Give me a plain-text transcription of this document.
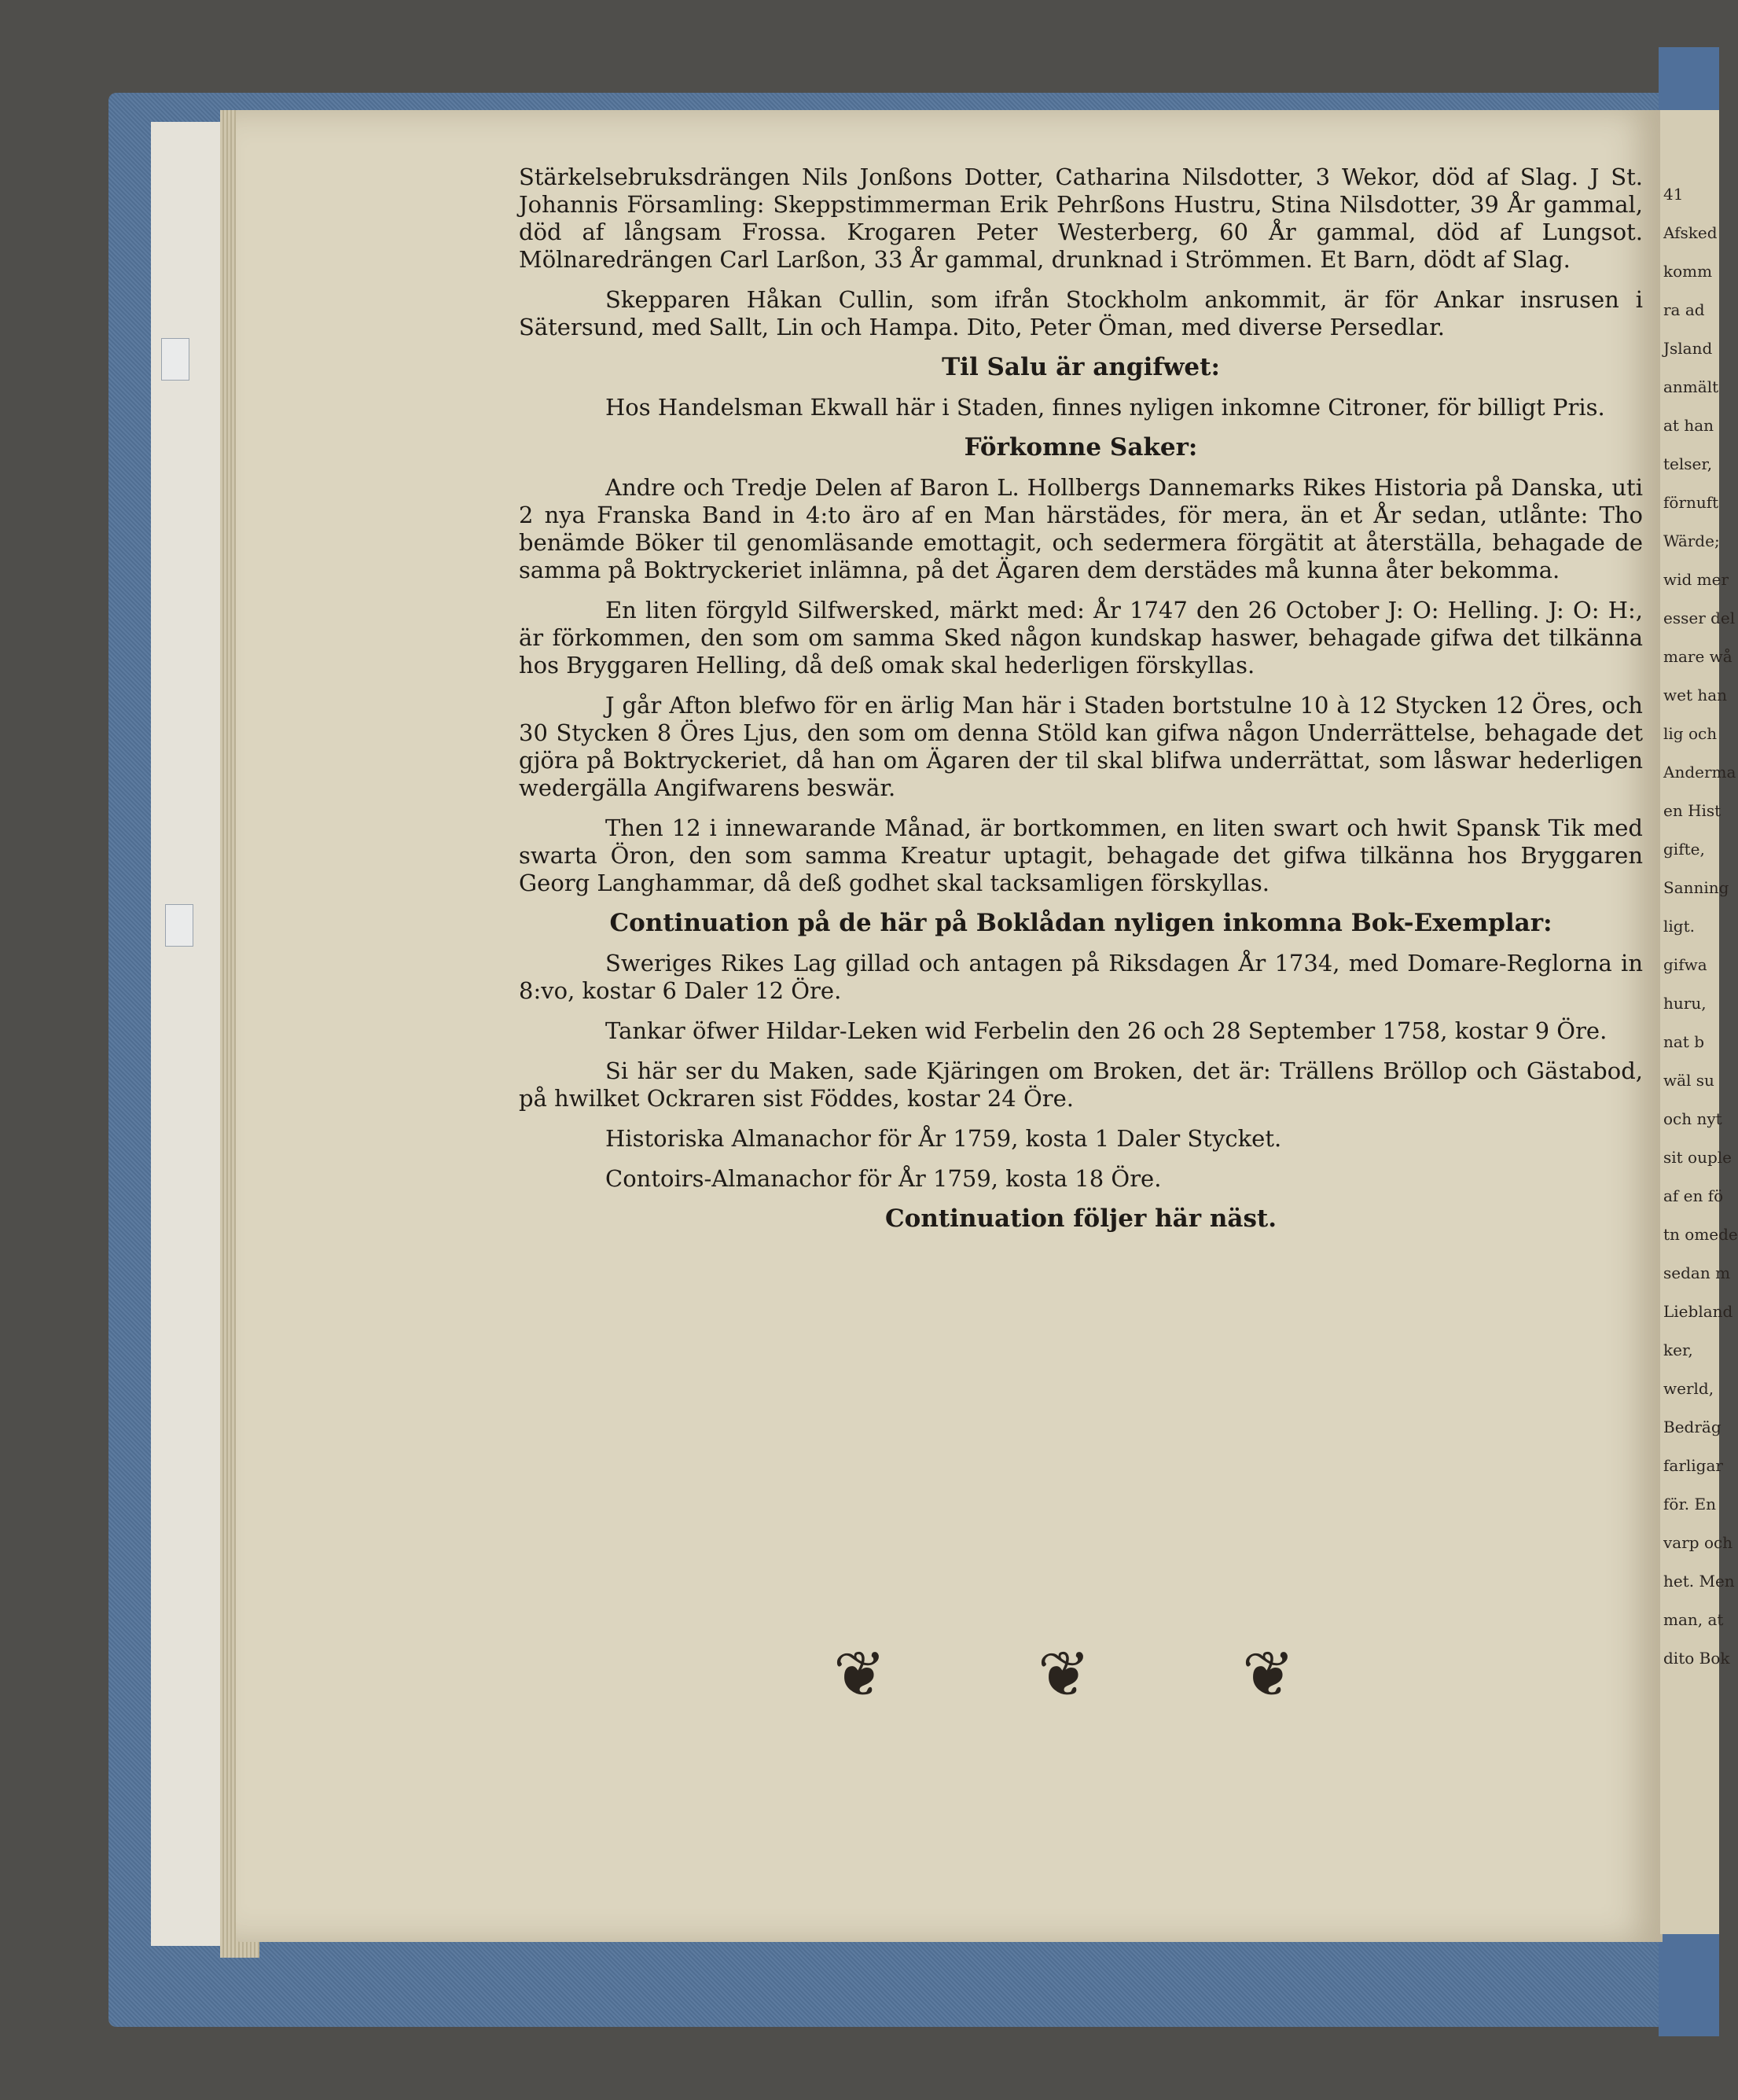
41
Afsked
komm
ra ad
Jsland
anmält
at han
telser,
förnuft
Wärde;
wid mer
esser del
mare wå
wet han
lig och
Anderma
en Hist
gifte,
Sanning
ligt.
gifwa
huru,
nat b
wäl su
och nyt
sit ouple
af en fö
tn omede
sedan m
Liebland
ker,
werld,
Bedräg
farligar
för. En
varp och
het. Men
man, at
dito Bok

Stärkelsebruksdrängen Nils Jonßons Dotter, Catharina Nilsdotter, 3 Wekor, död af Slag. J St. Johannis Församling: Skeppstimmerman Erik Pehrßons Hustru, Stina Nilsdotter, 39 År gammal, död af långsam Frossa. Krogaren Peter Westerberg, 60 År gammal, död af Lungsot. Mölnaredrängen Carl Larßon, 33 År gammal, drunknad i Strömmen. Et Barn, dödt af Slag.

Skepparen Håkan Cullin, som ifrån Stockholm ankommit, är för Ankar insrusen i Sätersund, med Sallt, Lin och Hampa. Dito, Peter Öman, med diverse Persedlar.

Til Salu är angifwet:

Hos Handelsman Ekwall här i Staden, finnes nyligen inkomne Citroner, för billigt Pris.

Förkomne Saker:

Andre och Tredje Delen af Baron L. Hollbergs Dannemarks Rikes Historia på Danska, uti 2 nya Franska Band in 4:to äro af en Man härstädes, för mera, än et År sedan, utlånte: Tho benämde Böker til genomläsande emottagit, och sedermera förgätit at återställa, behagade de samma på Boktryckeriet inlämna, på det Ägaren dem derstädes må kunna åter bekomma.

En liten förgyld Silfwersked, märkt med: År 1747 den 26 October J: O: Helling. J: O: H:, är förkommen, den som om samma Sked någon kundskap haswer, behagade gifwa det tilkänna hos Bryggaren Helling, då deß omak skal hederligen förskyllas.

J går Afton blefwo för en ärlig Man här i Staden bortstulne 10 à 12 Stycken 12 Öres, och 30 Stycken 8 Öres Ljus, den som om denna Stöld kan gifwa någon Underrättelse, behagade det gjöra på Boktryckeriet, då han om Ägaren der til skal blifwa underrättat, som låswar hederligen wedergälla Angifwarens beswär.

Then 12 i innewarande Månad, är bortkommen, en liten swart och hwit Spansk Tik med swarta Öron, den som samma Kreatur uptagit, behagade det gifwa tilkänna hos Bryggaren Georg Langhammar, då deß godhet skal tacksamligen förskyllas.

Continuation på de här på Boklådan nyligen inkomna Bok-Exemplar:

Sweriges Rikes Lag gillad och antagen på Riksdagen År 1734, med Domare-Reglorna in 8:vo, kostar 6 Daler 12 Öre.

Tankar öfwer Hildar-Leken wid Ferbelin den 26 och 28 September 1758, kostar 9 Öre.

Si här ser du Maken, sade Kjäringen om Broken, det är: Trällens Bröllop och Gästabod, på hwilket Ockraren sist Föddes, kostar 24 Öre.

Historiska Almanachor för År 1759, kosta 1 Daler Stycket.

Contoirs-Almanachor för År 1759, kosta 18 Öre.

Continuation följer här näst.

❦ ❦ ❦
